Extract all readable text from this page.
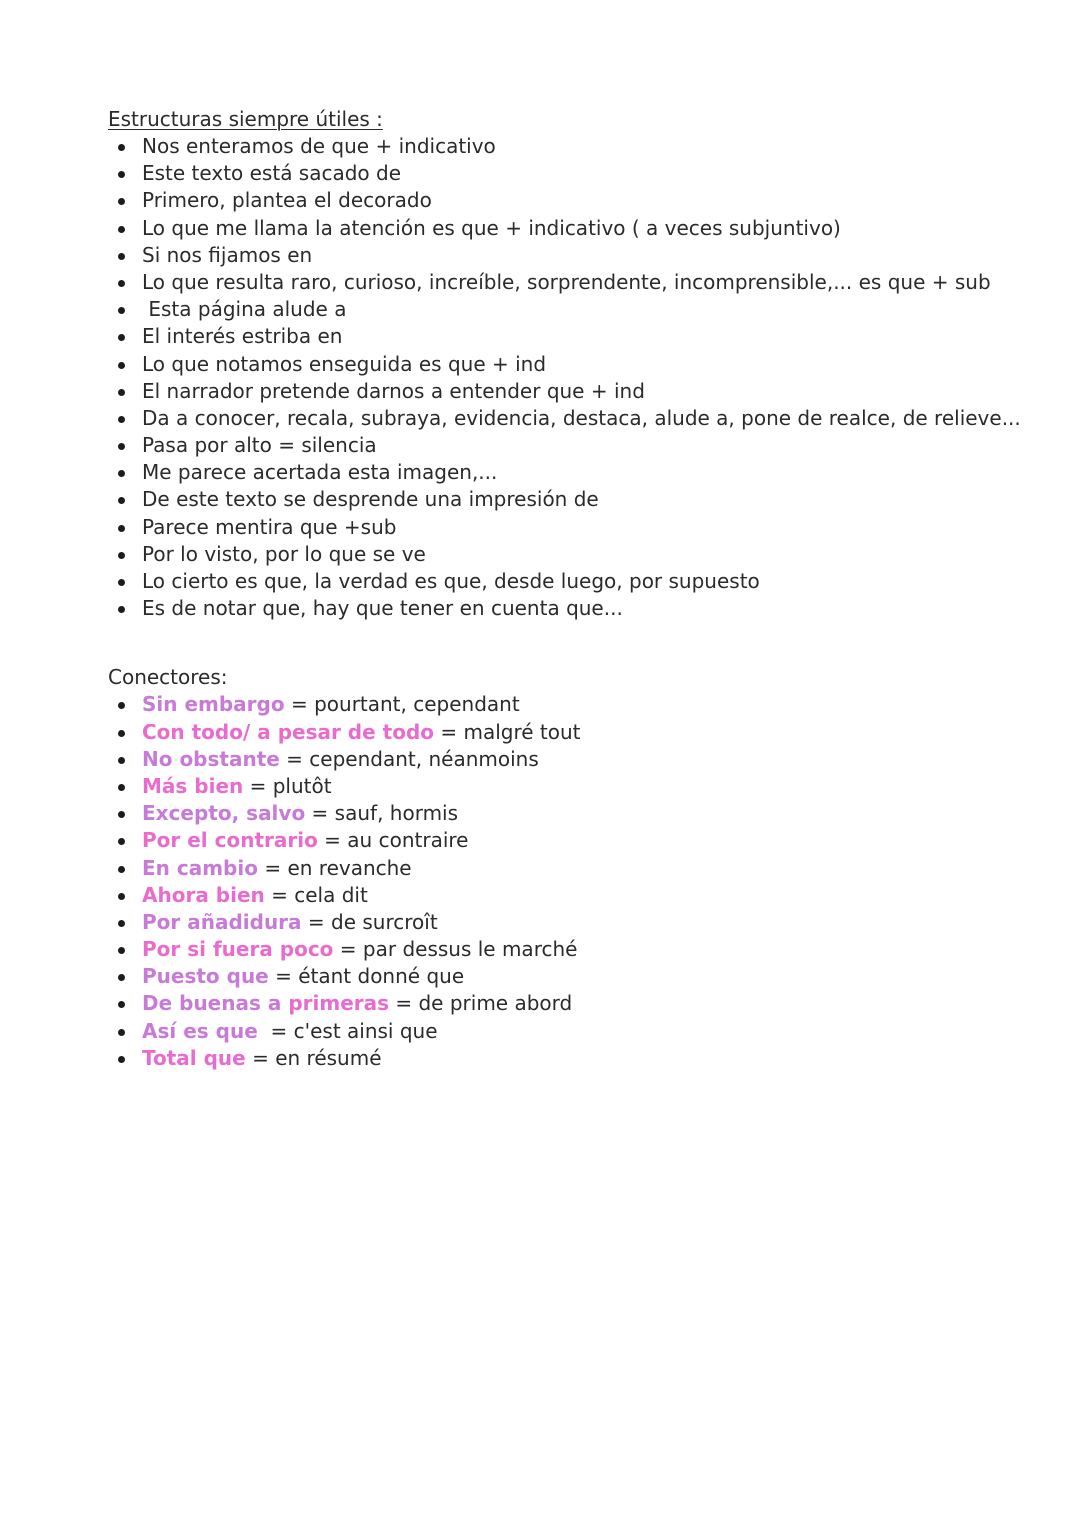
Estructuras siempre útiles :
Nos enteramos de que + indicativo
Este texto está sacado de
Primero, plantea el decorado
Lo que me llama la atención es que + indicativo ( a veces subjuntivo)
Si nos fijamos en
Lo que resulta raro, curioso, increíble, sorprendente, incomprensible,... es que + sub
Esta página alude a
El interés estriba en
Lo que notamos enseguida es que + ind
El narrador pretende darnos a entender que + ind
Da a conocer, recala, subraya, evidencia, destaca, alude a, pone de realce, de relieve...
Pasa por alto = silencia
Me parece acertada esta imagen,...
De este texto se desprende una impresión de
Parece mentira que +sub
Por lo visto, por lo que se ve
Lo cierto es que, la verdad es que, desde luego, por supuesto
Es de notar que, hay que tener en cuenta que...
Conectores:
Sin embargo = pourtant, cependant
Con todo/ a pesar de todo = malgré tout
No obstante = cependant, néanmoins
Más bien = plutôt
Excepto, salvo = sauf, hormis
Por el contrario = au contraire
En cambio = en revanche
Ahora bien = cela dit
Por añadidura = de surcroît
Por si fuera poco = par dessus le marché
Puesto que = étant donné que
De buenas a primeras = de prime abord
Así es que  = c'est ainsi que
Total que = en résumé
